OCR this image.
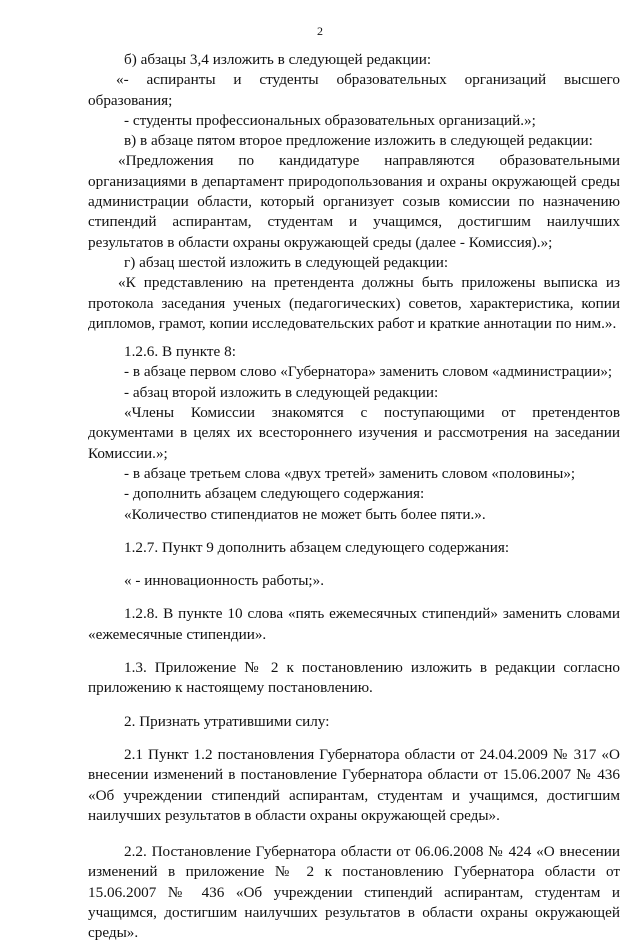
2

б) абзацы 3,4 изложить в следующей редакции:

«- аспиранты и студенты образовательных организаций высшего образования;

- студенты профессиональных образовательных организаций.»;

в) в абзаце пятом второе предложение изложить в следующей редакции:

«Предложения по кандидатуре направляются образовательными организациями в департамент природопользования и охраны окружающей среды администрации области, который организует созыв комиссии по назначению стипендий аспирантам, студентам и учащимся, достигшим наилучших результатов в области охраны окружающей среды (далее - Комиссия).»;

г) абзац шестой изложить в следующей редакции:

«К представлению на претендента должны быть приложены выписка из протокола заседания ученых (педагогических) советов, характеристика, копии дипломов, грамот, копии исследовательских работ и краткие аннотации по ним.».

1.2.6. В пункте 8:

- в абзаце первом слово «Губернатора» заменить словом «администрации»;

- абзац второй изложить в следующей редакции:

«Члены Комиссии знакомятся с поступающими от претендентов документами в целях их всестороннего изучения и рассмотрения на заседании Комиссии.»;

- в абзаце третьем слова «двух третей» заменить словом «половины»;

- дополнить абзацем следующего содержания:

«Количество стипендиатов не может быть более пяти.».

1.2.7. Пункт 9 дополнить абзацем следующего содержания:

« - инновационность работы;».

1.2.8. В пункте 10 слова «пять ежемесячных стипендий» заменить словами «ежемесячные стипендии».

1.3. Приложение № 2 к постановлению изложить в редакции согласно приложению к настоящему постановлению.

2. Признать утратившими силу:

2.1 Пункт 1.2 постановления Губернатора области от 24.04.2009 № 317 «О внесении изменений в постановление Губернатора области от 15.06.2007 № 436 «Об учреждении стипендий аспирантам, студентам и учащимся, достигшим наилучших результатов в области охраны окружающей среды».

2.2. Постановление Губернатора области от 06.06.2008 № 424 «О внесении изменений в приложение № 2 к постановлению Губернатора области от 15.06.2007 № 436 «Об учреждении стипендий аспирантам, студентам и учащимся, достигшим наилучших результатов в области охраны окружающей среды».
